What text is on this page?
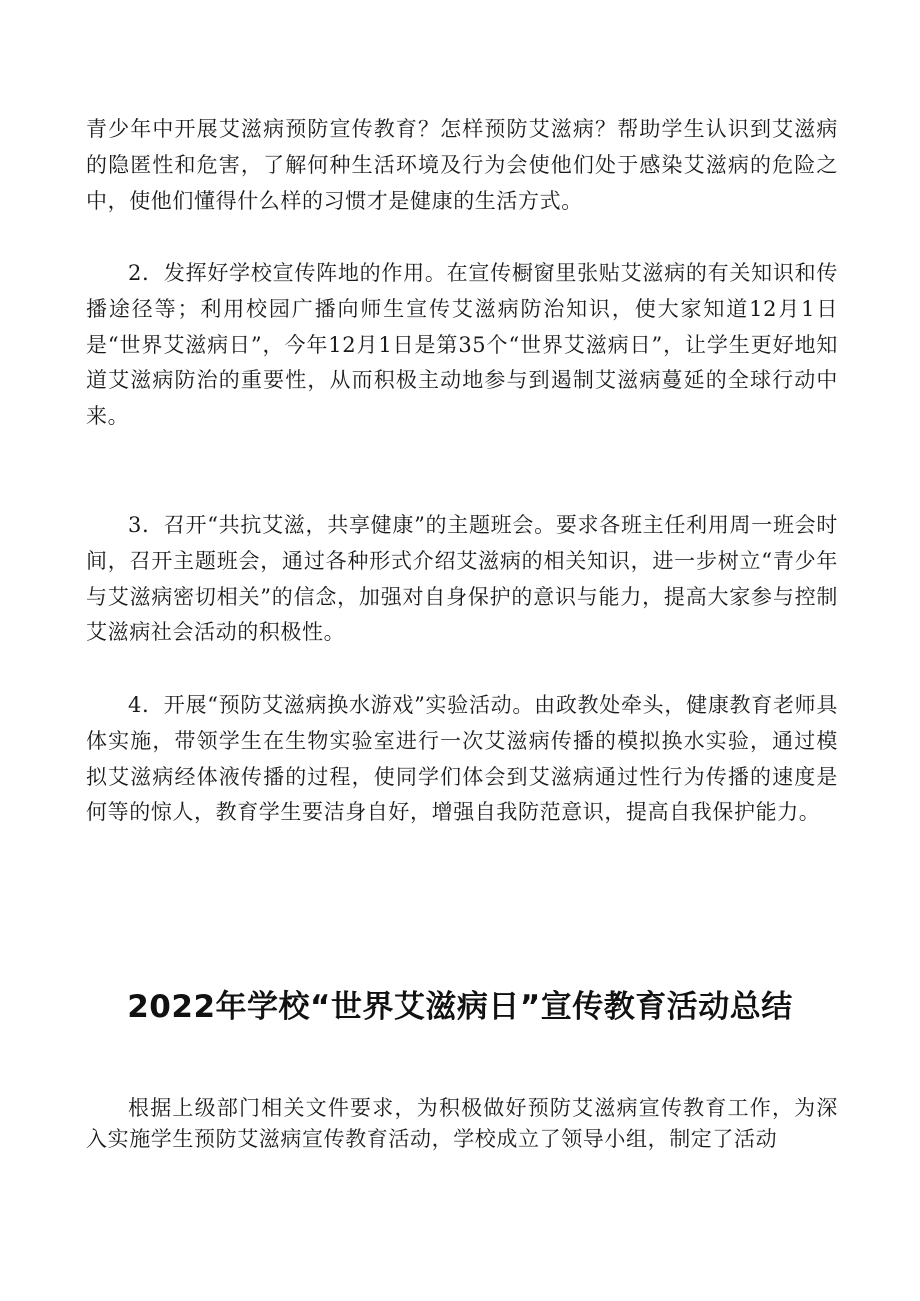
青少年中开展艾滋病预防宣传教育？怎样预防艾滋病？帮助学生认识到艾滋病的隐匿性和危害，了解何种生活环境及行为会使他们处于感染艾滋病的危险之中，使他们懂得什么样的习惯才是健康的生活方式。

2．发挥好学校宣传阵地的作用。在宣传橱窗里张贴艾滋病的有关知识和传播途径等；利用校园广播向师生宣传艾滋病防治知识，使大家知道12月1日是“世界艾滋病日”，今年12月1日是第35个“世界艾滋病日”，让学生更好地知道艾滋病防治的重要性，从而积极主动地参与到遏制艾滋病蔓延的全球行动中来。

3．召开“共抗艾滋，共享健康”的主题班会。要求各班主任利用周一班会时间，召开主题班会，通过各种形式介绍艾滋病的相关知识，进一步树立“青少年与艾滋病密切相关”的信念，加强对自身保护的意识与能力，提高大家参与控制艾滋病社会活动的积极性。

4．开展“预防艾滋病换水游戏”实验活动。由政教处牵头，健康教育老师具体实施，带领学生在生物实验室进行一次艾滋病传播的模拟换水实验，通过模拟艾滋病经体液传播的过程，使同学们体会到艾滋病通过性行为传播的速度是何等的惊人，教育学生要洁身自好，增强自我防范意识，提高自我保护能力。

2022年学校“世界艾滋病日”宣传教育活动总结

根据上级部门相关文件要求，为积极做好预防艾滋病宣传教育工作，为深入实施学生预防艾滋病宣传教育活动，学校成立了领导小组，制定了活动
